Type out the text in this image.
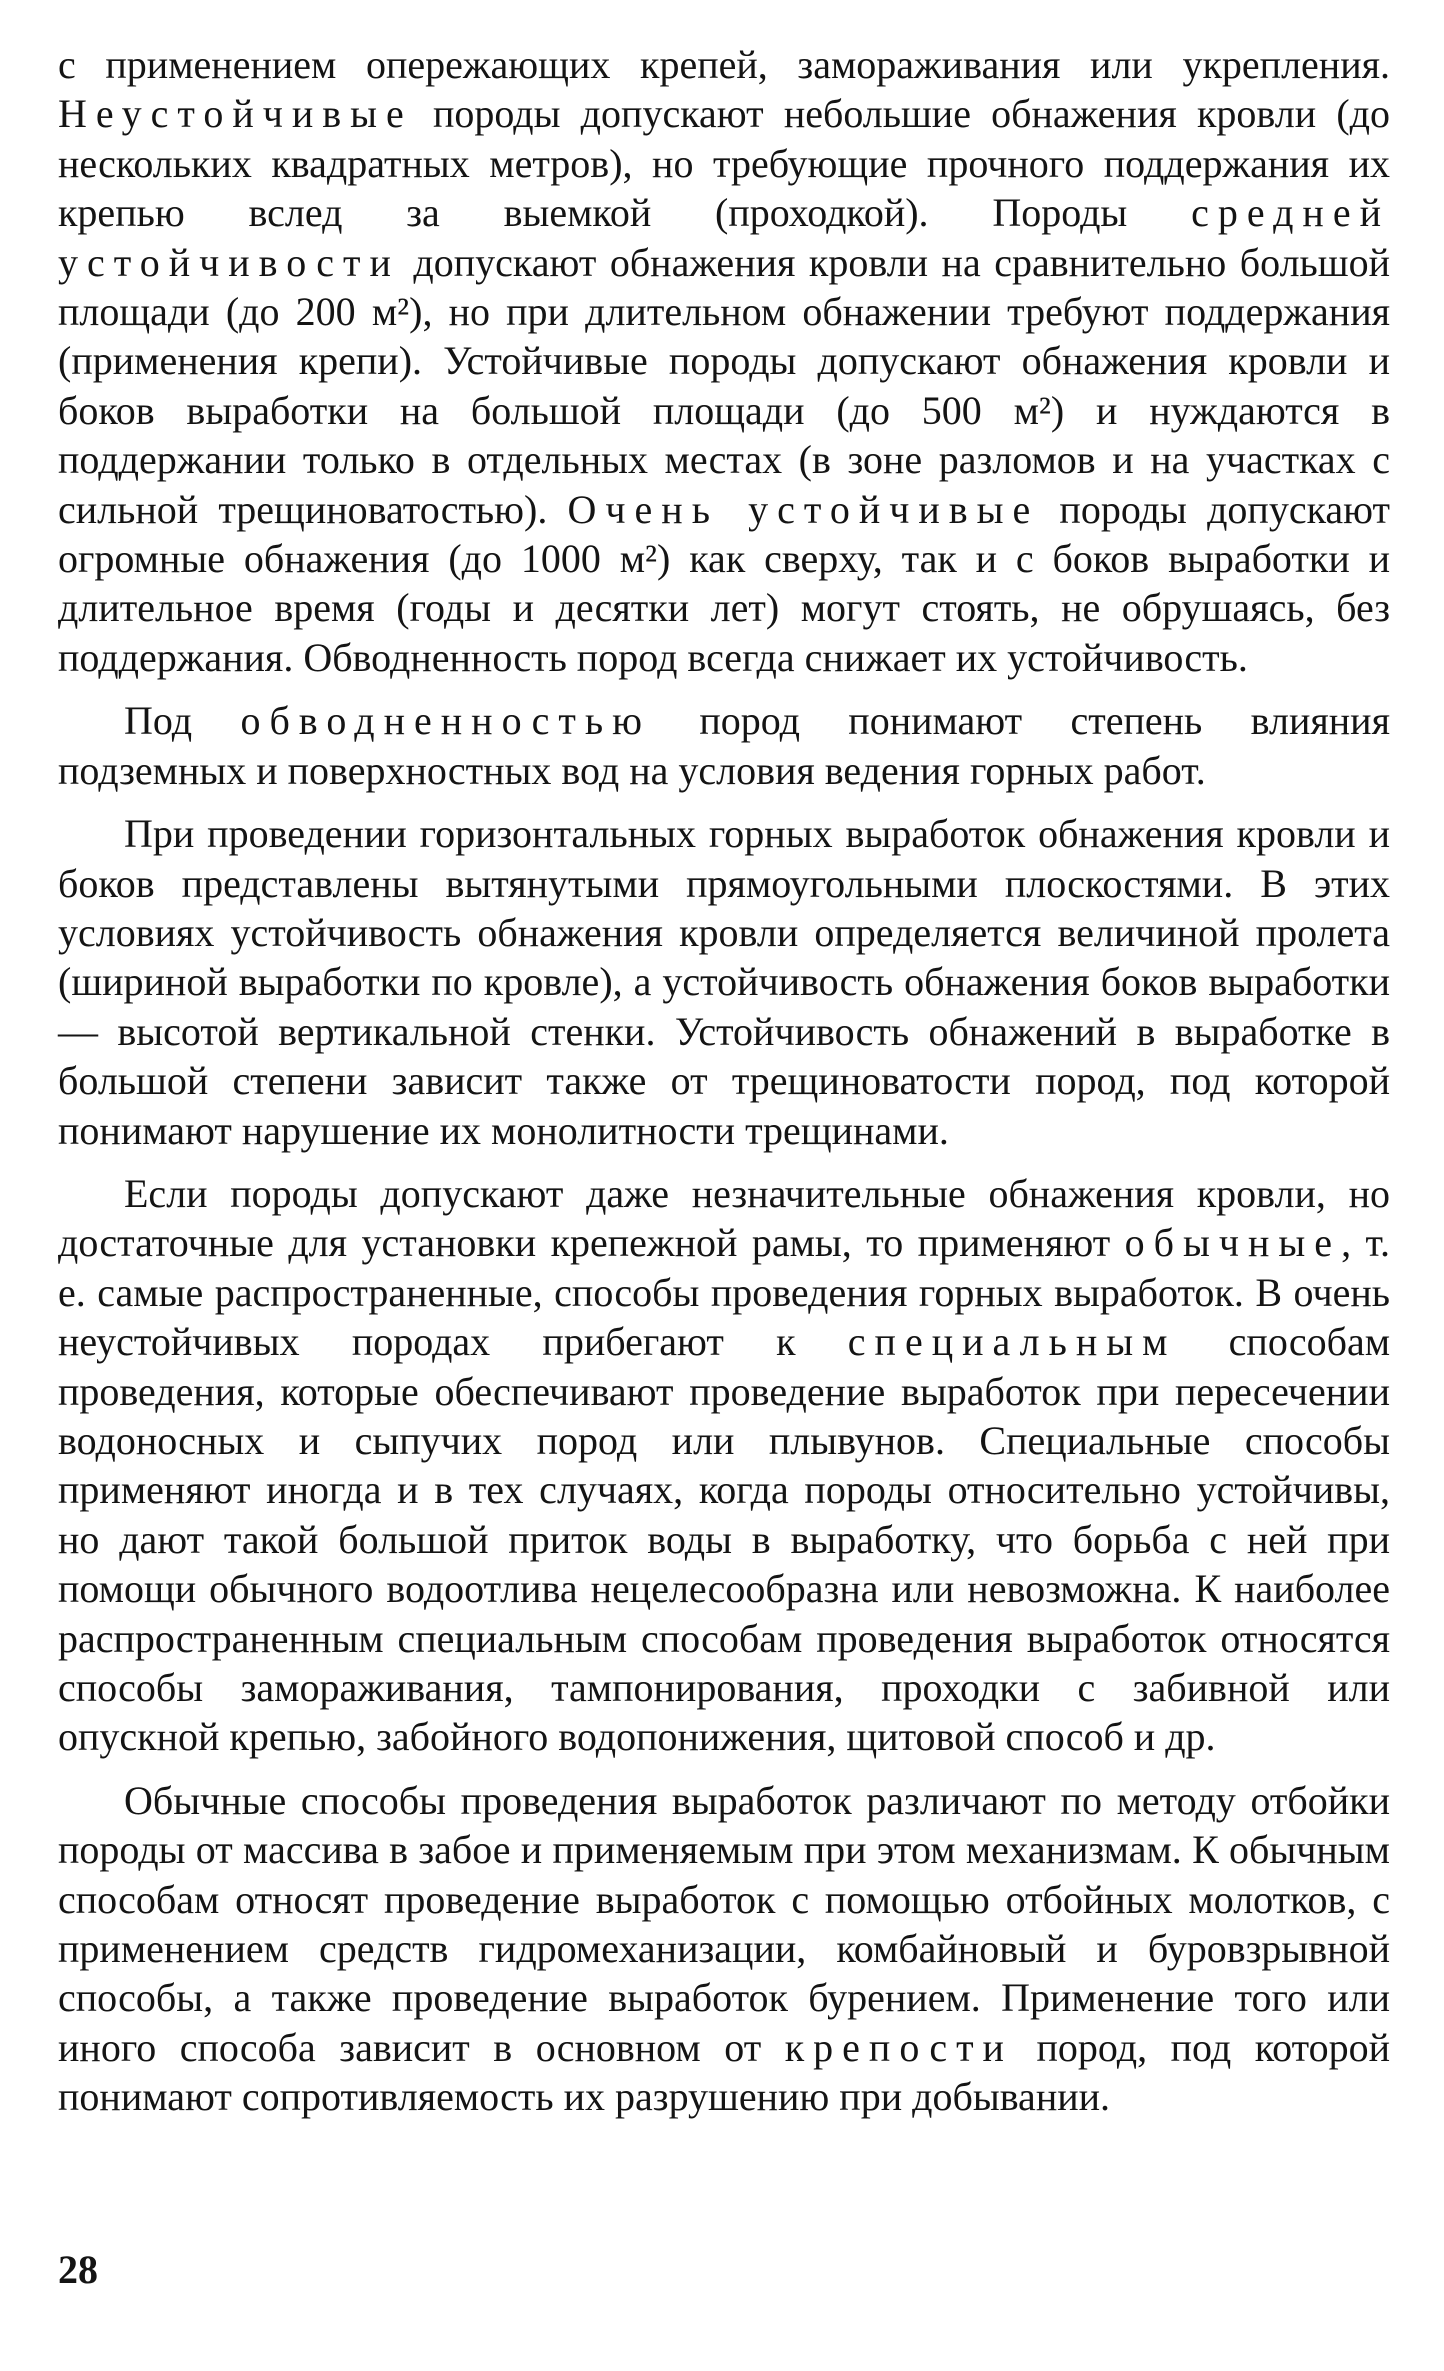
с применением опережающих крепей, замораживания или укрепления. Неустойчивые породы допускают небольшие обнажения кровли (до нескольких квадратных метров), но требующие прочного поддержания их крепью вслед за выемкой (проходкой). Породы средней устойчивости допускают обнажения кровли на сравнительно большой площади (до 200 м²), но при длительном обнажении требуют поддержания (применения крепи). Устойчивые породы допускают обнажения кровли и боков выработки на большой площади (до 500 м²) и нуждаются в поддержании только в отдельных местах (в зоне разломов и на участках с сильной трещиноватостью). Очень устойчивые породы допускают огромные обнажения (до 1000 м²) как сверху, так и с боков выработки и длительное время (годы и десятки лет) могут стоять, не обрушаясь, без поддержания. Обводненность пород всегда снижает их устойчивость.

Под обводненностью пород понимают степень влияния подземных и поверхностных вод на условия ведения горных работ.

При проведении горизонтальных горных выработок обнажения кровли и боков представлены вытянутыми прямоугольными плоскостями. В этих условиях устойчивость обнажения кровли определяется величиной пролета (шириной выработки по кровле), а устойчивость обнажения боков выработки — высотой вертикальной стенки. Устойчивость обнажений в выработке в большой степени зависит также от трещиноватости пород, под которой понимают нарушение их монолитности трещинами.

Если породы допускают даже незначительные обнажения кровли, но достаточные для установки крепежной рамы, то применяют обычные, т. е. самые распространенные, способы проведения горных выработок. В очень неустойчивых породах прибегают к специальным способам проведения, которые обеспечивают проведение выработок при пересечении водоносных и сыпучих пород или плывунов. Специальные способы применяют иногда и в тех случаях, когда породы относительно устойчивы, но дают такой большой приток воды в выработку, что борьба с ней при помощи обычного водоотлива нецелесообразна или невозможна. К наиболее распространенным специальным способам проведения выработок относятся способы замораживания, тампонирования, проходки с забивной или опускной крепью, забойного водопонижения, щитовой способ и др.

Обычные способы проведения выработок различают по методу отбойки породы от массива в забое и применяемым при этом механизмам. К обычным способам относят проведение выработок с помощью отбойных молотков, с применением средств гидромеханизации, комбайновый и буровзрывной способы, а также проведение выработок бурением. Применение того или иного способа зависит в основном от крепости пород, под которой понимают сопротивляемость их разрушению при добывании.

28
